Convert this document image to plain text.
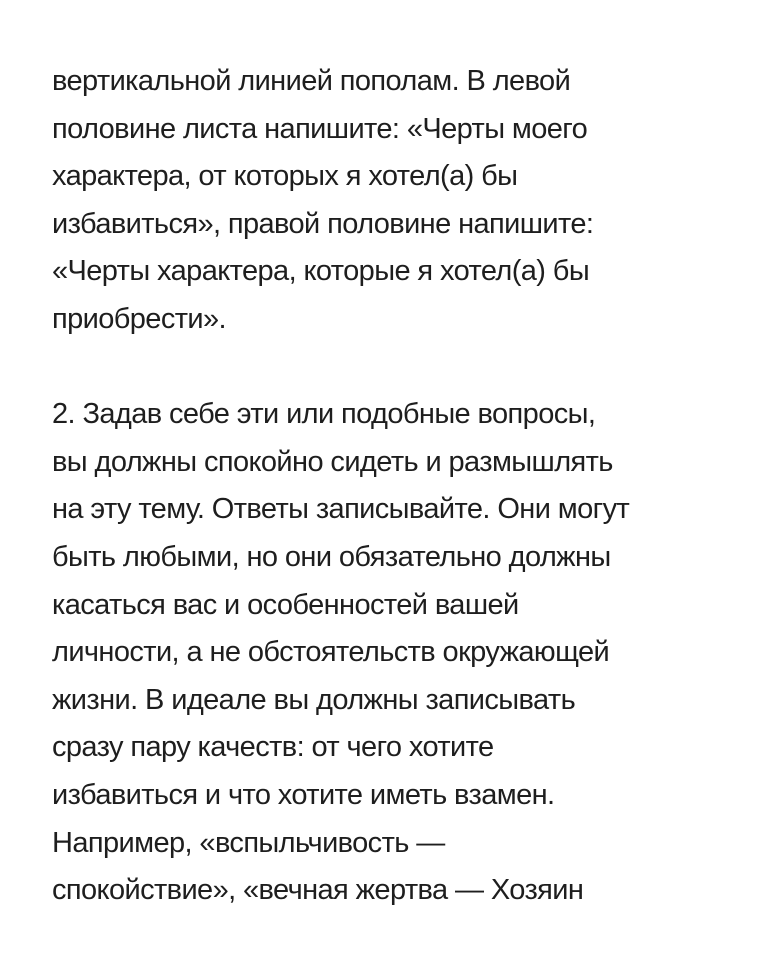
вертикальной линией пополам. В левой
половине листа напишите: «Черты моего
характера, от которых я хотел(а) бы
избавиться», правой половине напишите:
«Черты характера, которые я хотел(а) бы
приобрести».
2. Задав себе эти или подобные вопросы,
вы должны спокойно сидеть и размышлять
на эту тему. Ответы записывайте. Они могут
быть любыми, но они обязательно должны
касаться вас и особенностей вашей
личности, а не обстоятельств окружающей
жизни. В идеале вы должны записывать
сразу пару качеств: от чего хотите
избавиться и что хотите иметь взамен.
Например, «вспыльчивость —
спокойствие», «вечная жертва — Хозяин
